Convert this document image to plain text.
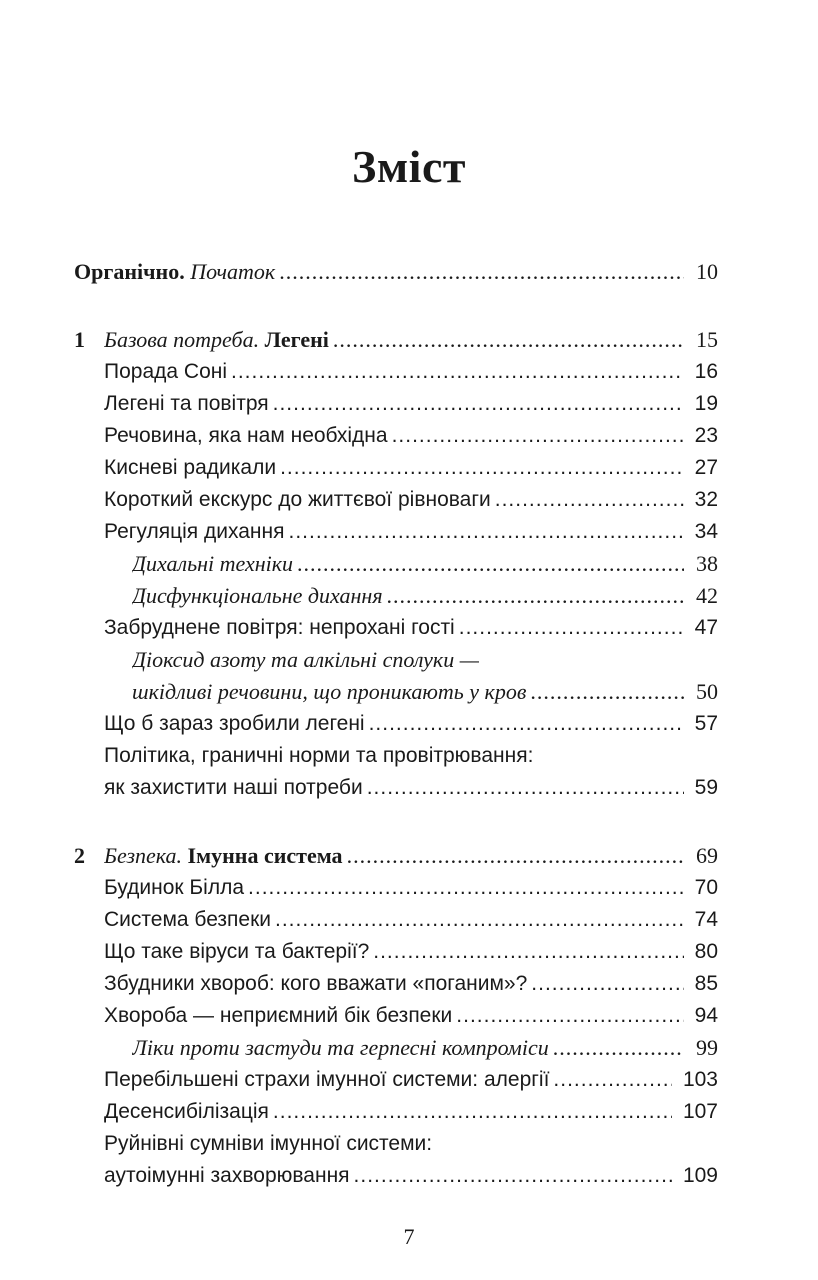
Зміст
Органічно. Початок .....	10
1 Базова потреба. Легені .....	15
Порада Соні .....	16
Легені та повітря .....	19
Речовина, яка нам необхідна .....	23
Кисневі радикали .....	27
Короткий екскурс до життєвої рівноваги .....	32
Регуляція дихання .....	34
Дихальні техніки .....	38
Дисфункціональне дихання .....	42
Забруднене повітря: непрохані гості .....	47
Діоксид азоту та алкільні сполуки —
шкідливі речовини, що проникають у кров .....	50
Що б зараз зробили легені .....	57
Політика, граничні норми та провітрювання:
як захистити наші потреби .....	59
2 Безпека. Імунна система .....	69
Будинок Білла .....	70
Система безпеки .....	74
Що таке віруси та бактерії? .....	80
Збудники хвороб: кого вважати «поганим»? .....	85
Хвороба — неприємний бік безпеки .....	94
Ліки проти застуди та герпесні компроміси .....	99
Перебільшені страхи імунної системи: алергії .....	103
Десенсибілізація .....	107
Руйнівні сумніви імунної системи:
аутоімунні захворювання .....	109
7
